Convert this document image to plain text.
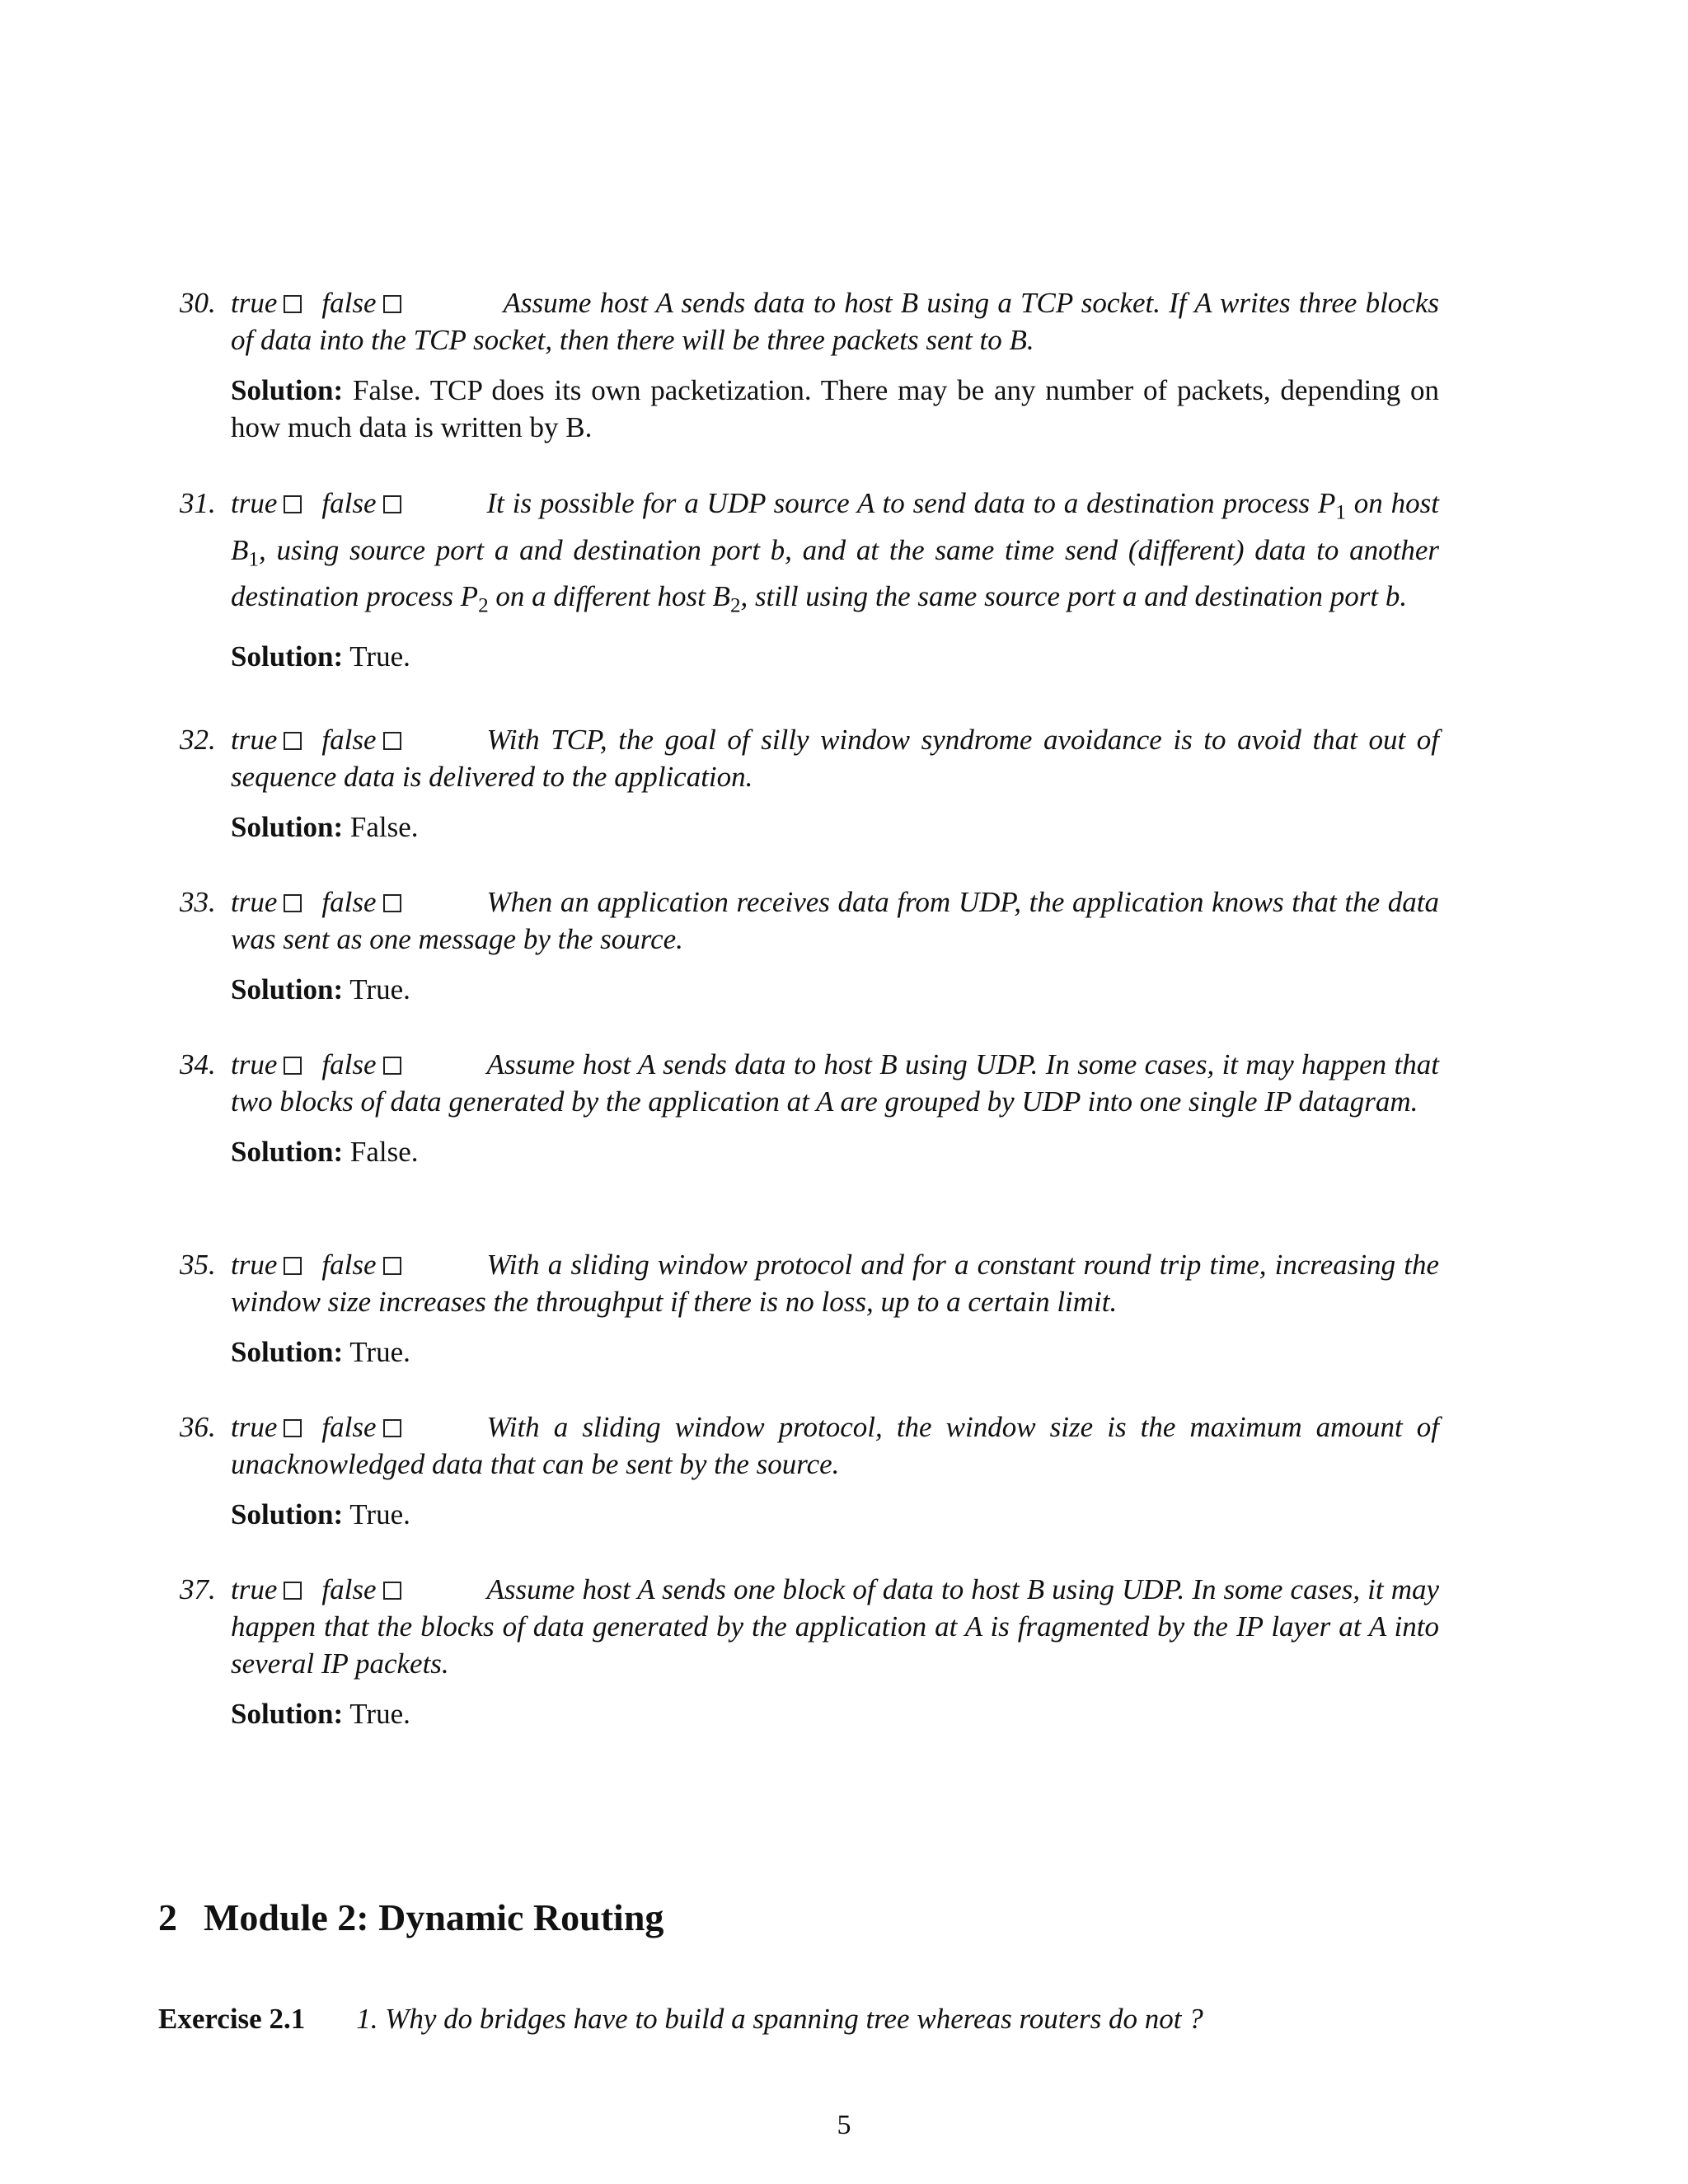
30. true false	Assume host A sends data to host B using a TCP socket. If A writes three blocks of data into the TCP socket, then there will be three packets sent to B.
Solution: False. TCP does its own packetization. There may be any number of packets, depending on how much data is written by B.
31. true false	It is possible for a UDP source A to send data to a destination process $P_1$ on host $B_1$, using source port a and destination port b, and at the same time send (different) data to another destination process $P_2$ on a different host $B_2$, still using the same source port a and destination port b.
Solution: True.
32. true false	With TCP, the goal of silly window syndrome avoidance is to avoid that out of sequence data is delivered to the application.
Solution: False.
33. true false	When an application receives data from UDP, the application knows that the data was sent as one message by the source.
Solution: True.
34. true false	Assume host A sends data to host B using UDP. In some cases, it may happen that two blocks of data generated by the application at A are grouped by UDP into one single IP datagram.
Solution: False.
35. true false	With a sliding window protocol and for a constant round trip time, increasing the window size increases the throughput if there is no loss, up to a certain limit.
Solution: True.
36. true false	With a sliding window protocol, the window size is the maximum amount of unacknowledged data that can be sent by the source.
Solution: True.
37. true false	Assume host A sends one block of data to host B using UDP. In some cases, it may happen that the blocks of data generated by the application at A is fragmented by the IP layer at A into several IP packets.
Solution: True.
2 Module 2: Dynamic Routing
Exercise 2.1 1. Why do bridges have to build a spanning tree whereas routers do not ?
5
